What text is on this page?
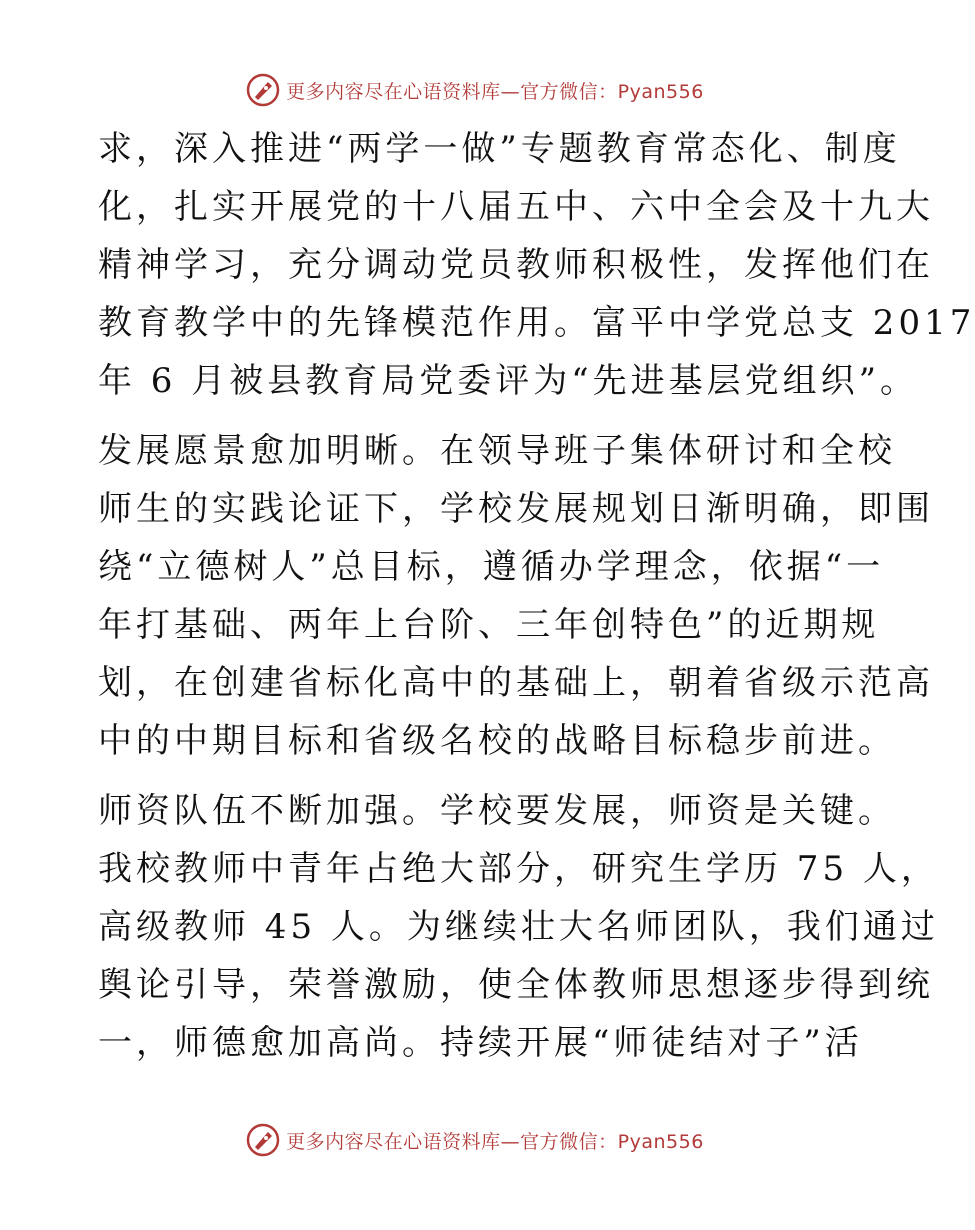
更多内容尽在心语资料库—官方微信：Pyan556
求，深入推进“两学一做”专题教育常态化、制度
化，扎实开展党的十八届五中、六中全会及十九大
精神学习，充分调动党员教师积极性，发挥他们在
教育教学中的先锋模范作用。富平中学党总支 2017
年 6 月被县教育局党委评为“先进基层党组织”。
发展愿景愈加明晰。在领导班子集体研讨和全校
师生的实践论证下，学校发展规划日渐明确，即围
绕“立德树人”总目标，遵循办学理念，依据“一
年打基础、两年上台阶、三年创特色”的近期规
划，在创建省标化高中的基础上，朝着省级示范高
中的中期目标和省级名校的战略目标稳步前进。
师资队伍不断加强。学校要发展，师资是关键。
我校教师中青年占绝大部分，研究生学历 75 人，
高级教师 45 人。为继续壮大名师团队，我们通过
舆论引导，荣誉激励，使全体教师思想逐步得到统
一，师德愈加高尚。持续开展“师徒结对子”活
更多内容尽在心语资料库—官方微信：Pyan556
